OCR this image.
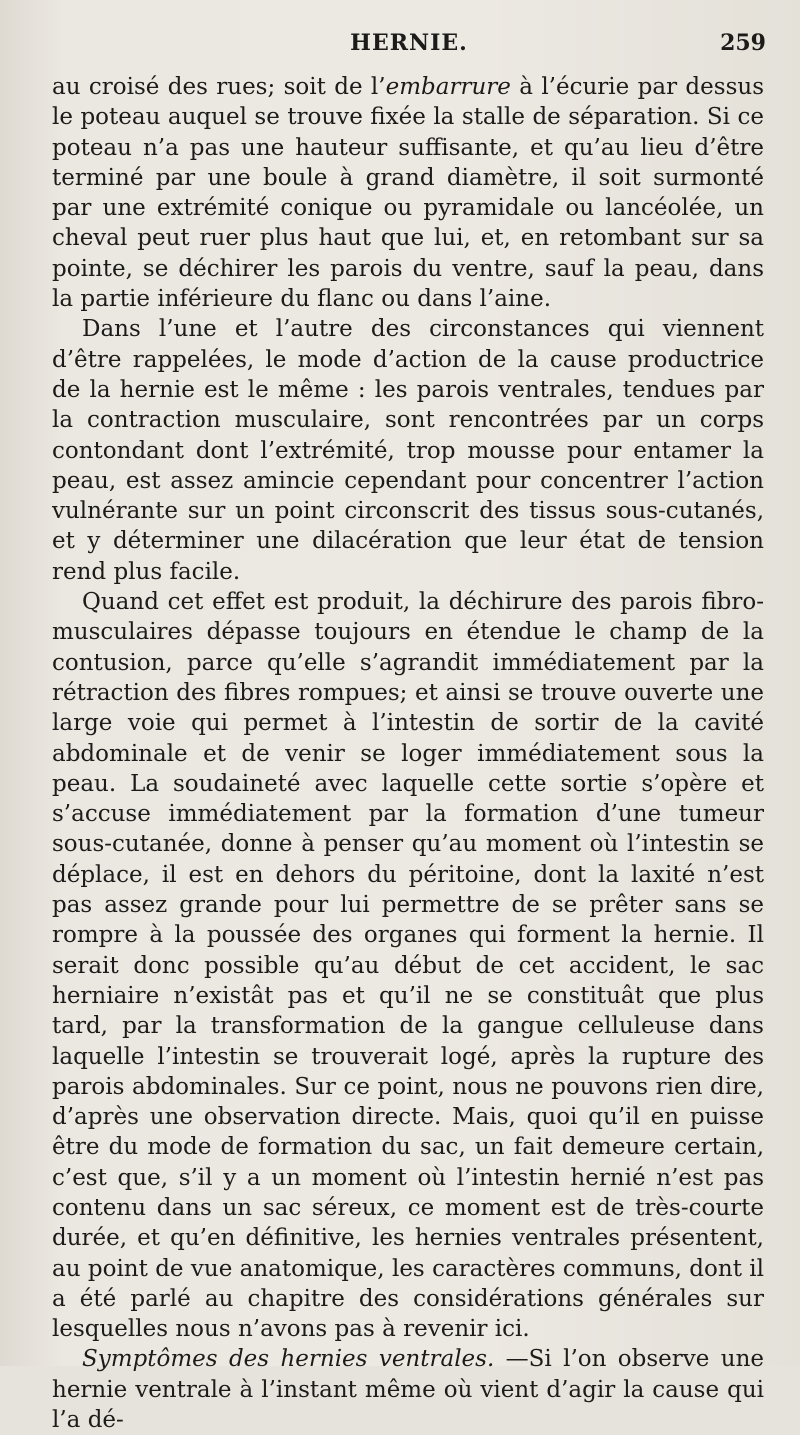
HERNIE.	259

au croisé des rues; soit de l’embarrure à l’écurie par dessus le poteau auquel se trouve fixée la stalle de séparation. Si ce poteau n’a pas une hauteur suffisante, et qu’au lieu d’être terminé par une boule à grand diamètre, il soit surmonté par une extrémité conique ou pyramidale ou lancéolée, un cheval peut ruer plus haut que lui, et, en retombant sur sa pointe, se déchirer les parois du ventre, sauf la peau, dans la partie inférieure du flanc ou dans l’aine.

Dans l’une et l’autre des circonstances qui viennent d’être rappelées, le mode d’action de la cause productrice de la hernie est le même : les parois ventrales, tendues par la contraction musculaire, sont rencontrées par un corps contondant dont l’extrémité, trop mousse pour entamer la peau, est assez amincie cependant pour concentrer l’action vulnérante sur un point circonscrit des tissus sous-cutanés, et y déterminer une dilacération que leur état de tension rend plus facile.

Quand cet effet est produit, la déchirure des parois fibro-musculaires dépasse toujours en étendue le champ de la contusion, parce qu’elle s’agrandit immédiatement par la rétraction des fibres rompues; et ainsi se trouve ouverte une large voie qui permet à l’intestin de sortir de la cavité abdominale et de venir se loger immédiatement sous la peau. La soudaineté avec laquelle cette sortie s’opère et s’accuse immédiatement par la formation d’une tumeur sous-cutanée, donne à penser qu’au moment où l’intestin se déplace, il est en dehors du péritoine, dont la laxité n’est pas assez grande pour lui permettre de se prêter sans se rompre à la poussée des organes qui forment la hernie. Il serait donc possible qu’au début de cet accident, le sac herniaire n’existât pas et qu’il ne se constituât que plus tard, par la transformation de la gangue celluleuse dans laquelle l’intestin se trouverait logé, après la rupture des parois abdominales. Sur ce point, nous ne pouvons rien dire, d’après une observation directe. Mais, quoi qu’il en puisse être du mode de formation du sac, un fait demeure certain, c’est que, s’il y a un moment où l’intestin hernié n’est pas contenu dans un sac séreux, ce moment est de très-courte durée, et qu’en définitive, les hernies ventrales présentent, au point de vue anatomique, les caractères communs, dont il a été parlé au chapitre des considérations générales sur lesquelles nous n’avons pas à revenir ici.

Symptômes des hernies ventrales. —Si l’on observe une hernie ventrale à l’instant même où vient d’agir la cause qui l’a dé-
